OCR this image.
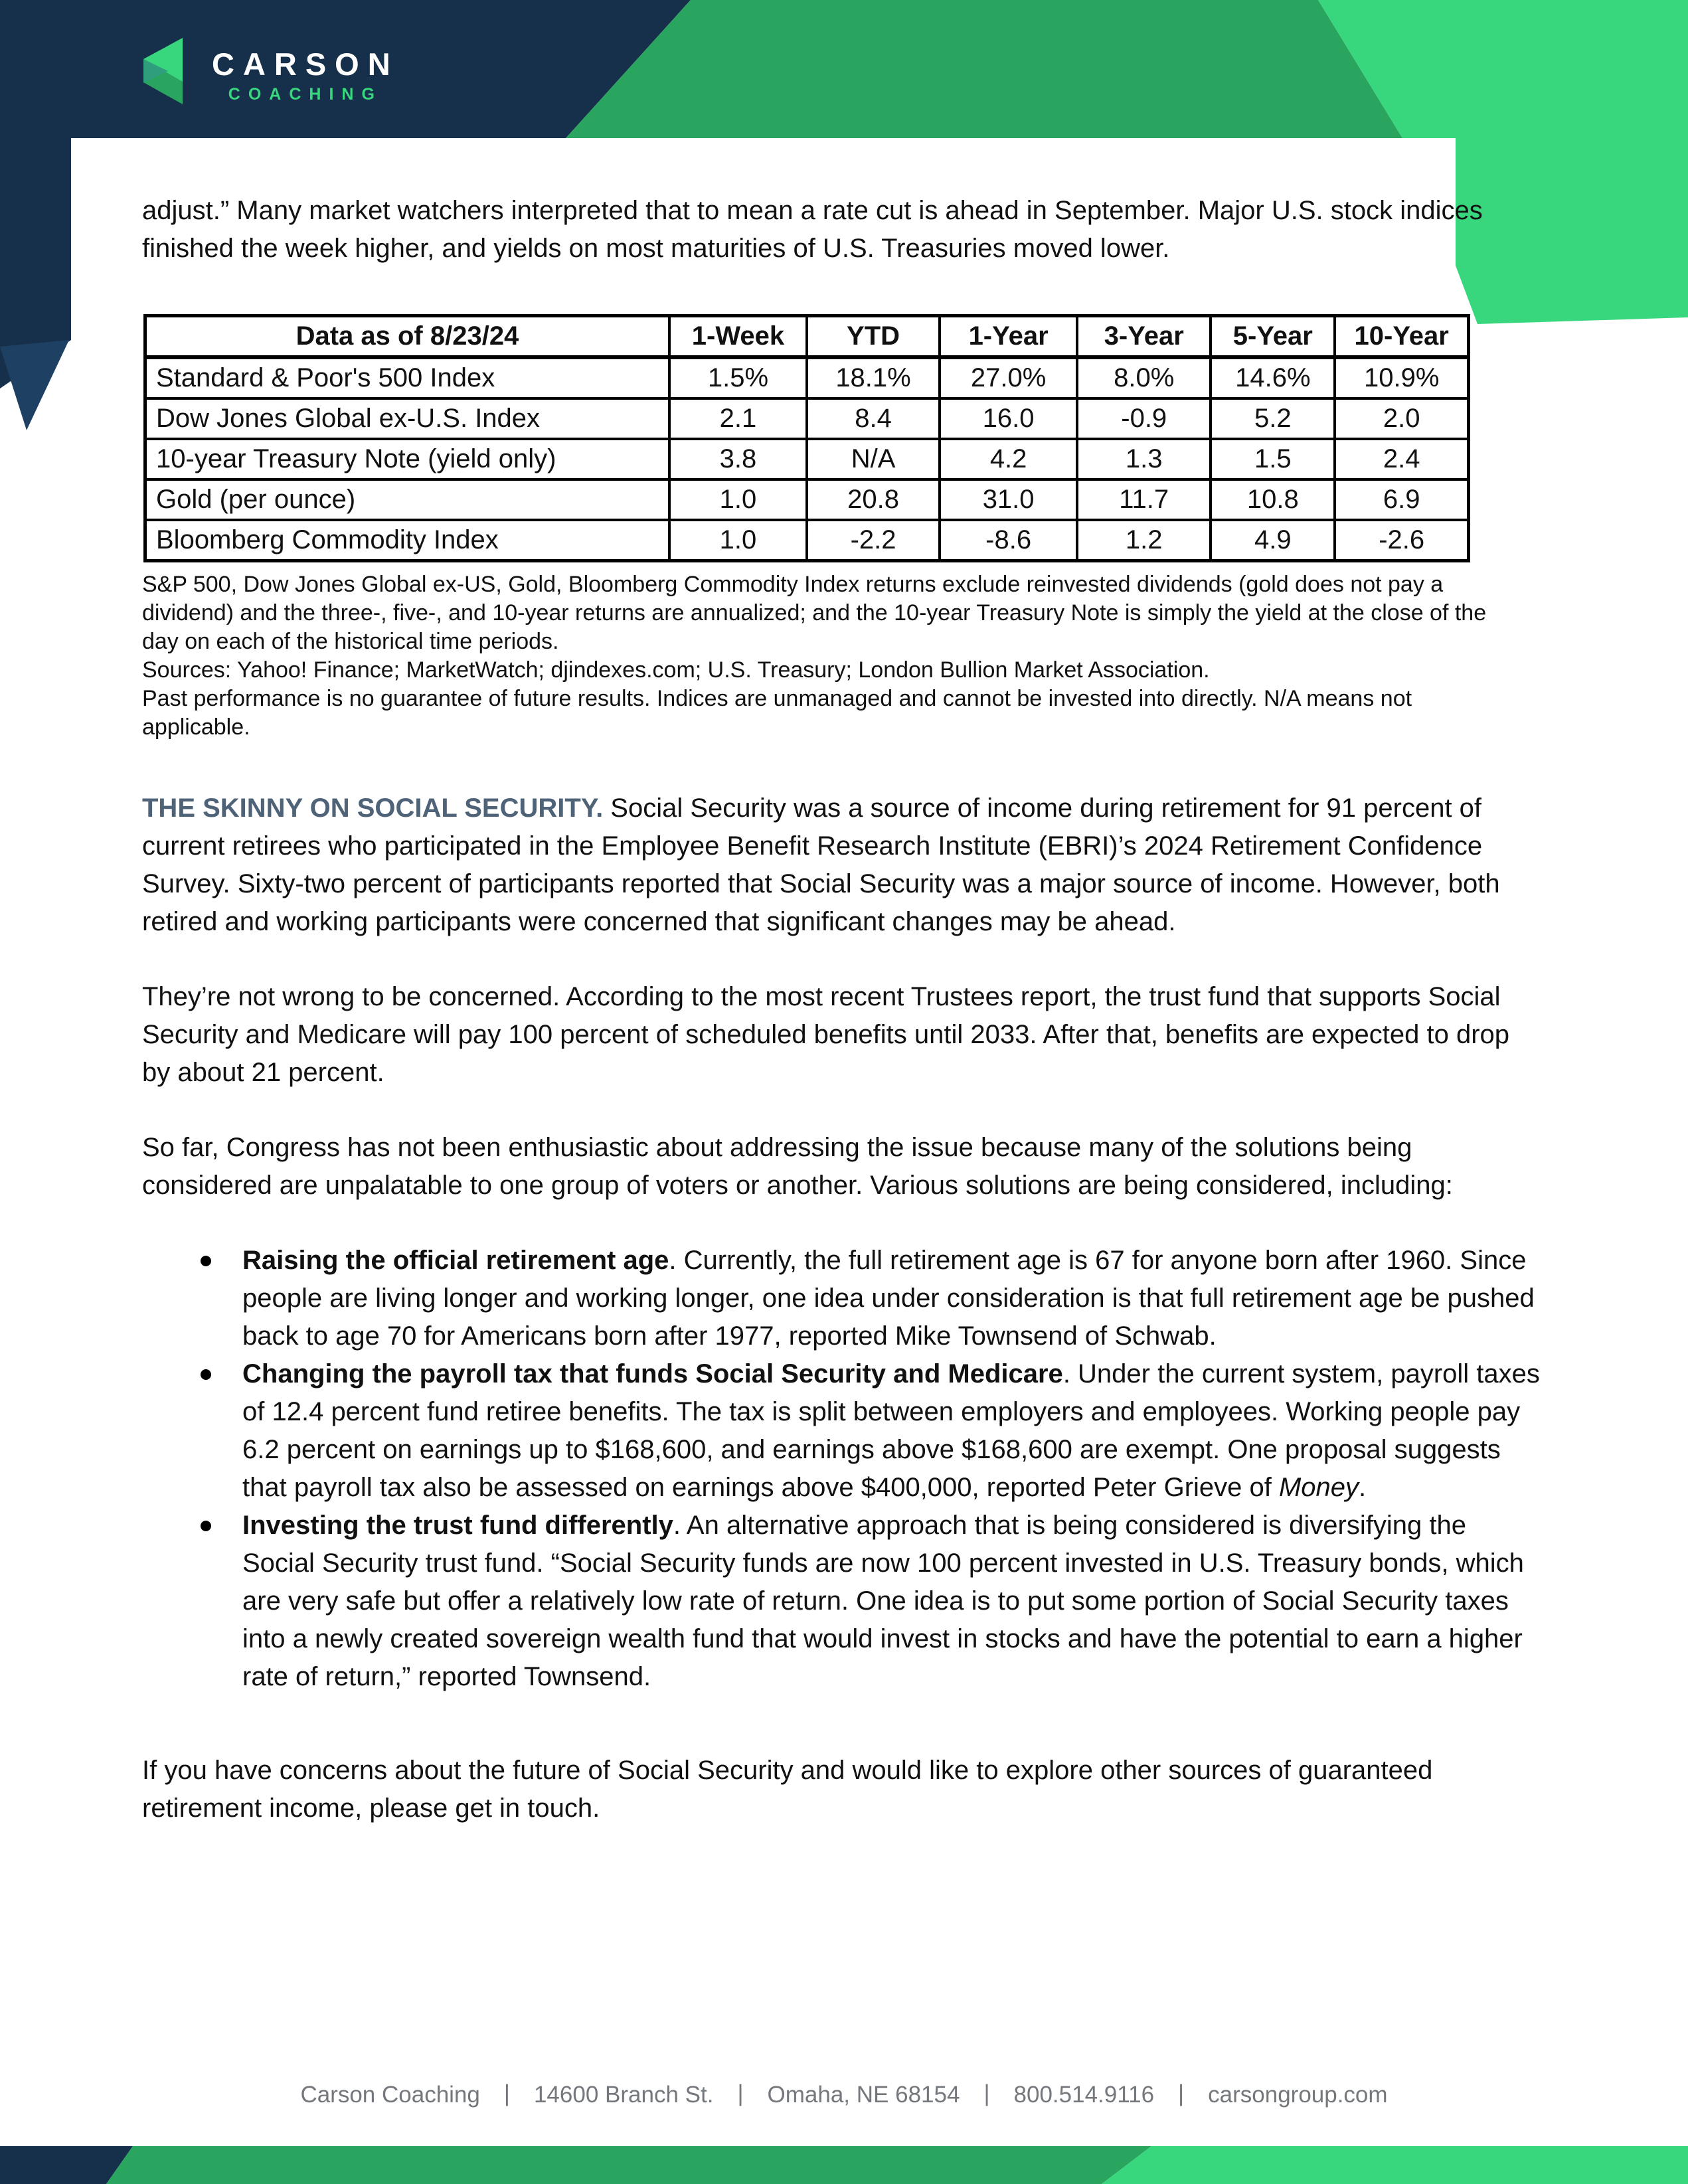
CARSON
COACHING

adjust.” Many market watchers interpreted that to mean a rate cut is ahead in September. Major U.S. stock indices finished the week higher, and yields on most maturities of U.S. Treasuries moved lower.

Data as of 8/23/24	1-Week	YTD	1-Year	3-Year	5-Year	10-Year
Standard & Poor's 500 Index	1.5%	18.1%	27.0%	8.0%	14.6%	10.9%
Dow Jones Global ex-U.S. Index	2.1	8.4	16.0	-0.9	5.2	2.0
10-year Treasury Note (yield only)	3.8	N/A	4.2	1.3	1.5	2.4
Gold (per ounce)	1.0	20.8	31.0	11.7	10.8	6.9
Bloomberg Commodity Index	1.0	-2.2	-8.6	1.2	4.9	-2.6

S&P 500, Dow Jones Global ex-US, Gold, Bloomberg Commodity Index returns exclude reinvested dividends (gold does not pay a dividend) and the three-, five-, and 10-year returns are annualized; and the 10-year Treasury Note is simply the yield at the close of the day on each of the historical time periods.

Sources: Yahoo! Finance; MarketWatch; djindexes.com; U.S. Treasury; London Bullion Market Association.

Past performance is no guarantee of future results. Indices are unmanaged and cannot be invested into directly. N/A means not applicable.

THE SKINNY ON SOCIAL SECURITY. Social Security was a source of income during retirement for 91 percent of current retirees who participated in the Employee Benefit Research Institute (EBRI)’s 2024 Retirement Confidence Survey. Sixty-two percent of participants reported that Social Security was a major source of income. However, both retired and working participants were concerned that significant changes may be ahead.

They’re not wrong to be concerned. According to the most recent Trustees report, the trust fund that supports Social Security and Medicare will pay 100 percent of scheduled benefits until 2033. After that, benefits are expected to drop by about 21 percent.

So far, Congress has not been enthusiastic about addressing the issue because many of the solutions being considered are unpalatable to one group of voters or another. Various solutions are being considered, including:

Raising the official retirement age. Currently, the full retirement age is 67 for anyone born after 1960. Since people are living longer and working longer, one idea under consideration is that full retirement age be pushed back to age 70 for Americans born after 1977, reported Mike Townsend of Schwab.
Changing the payroll tax that funds Social Security and Medicare. Under the current system, payroll taxes of 12.4 percent fund retiree benefits. The tax is split between employers and employees. Working people pay 6.2 percent on earnings up to $168,600, and earnings above $168,600 are exempt. One proposal suggests that payroll tax also be assessed on earnings above $400,000, reported Peter Grieve of Money.
Investing the trust fund differently. An alternative approach that is being considered is diversifying the Social Security trust fund. “Social Security funds are now 100 percent invested in U.S. Treasury bonds, which are very safe but offer a relatively low rate of return. One idea is to put some portion of Social Security taxes into a newly created sovereign wealth fund that would invest in stocks and have the potential to earn a higher rate of return,” reported Townsend.

If you have concerns about the future of Social Security and would like to explore other sources of guaranteed retirement income, please get in touch.

Carson Coaching | 14600 Branch St. | Omaha, NE 68154 | 800.514.9116 | carsongroup.com
